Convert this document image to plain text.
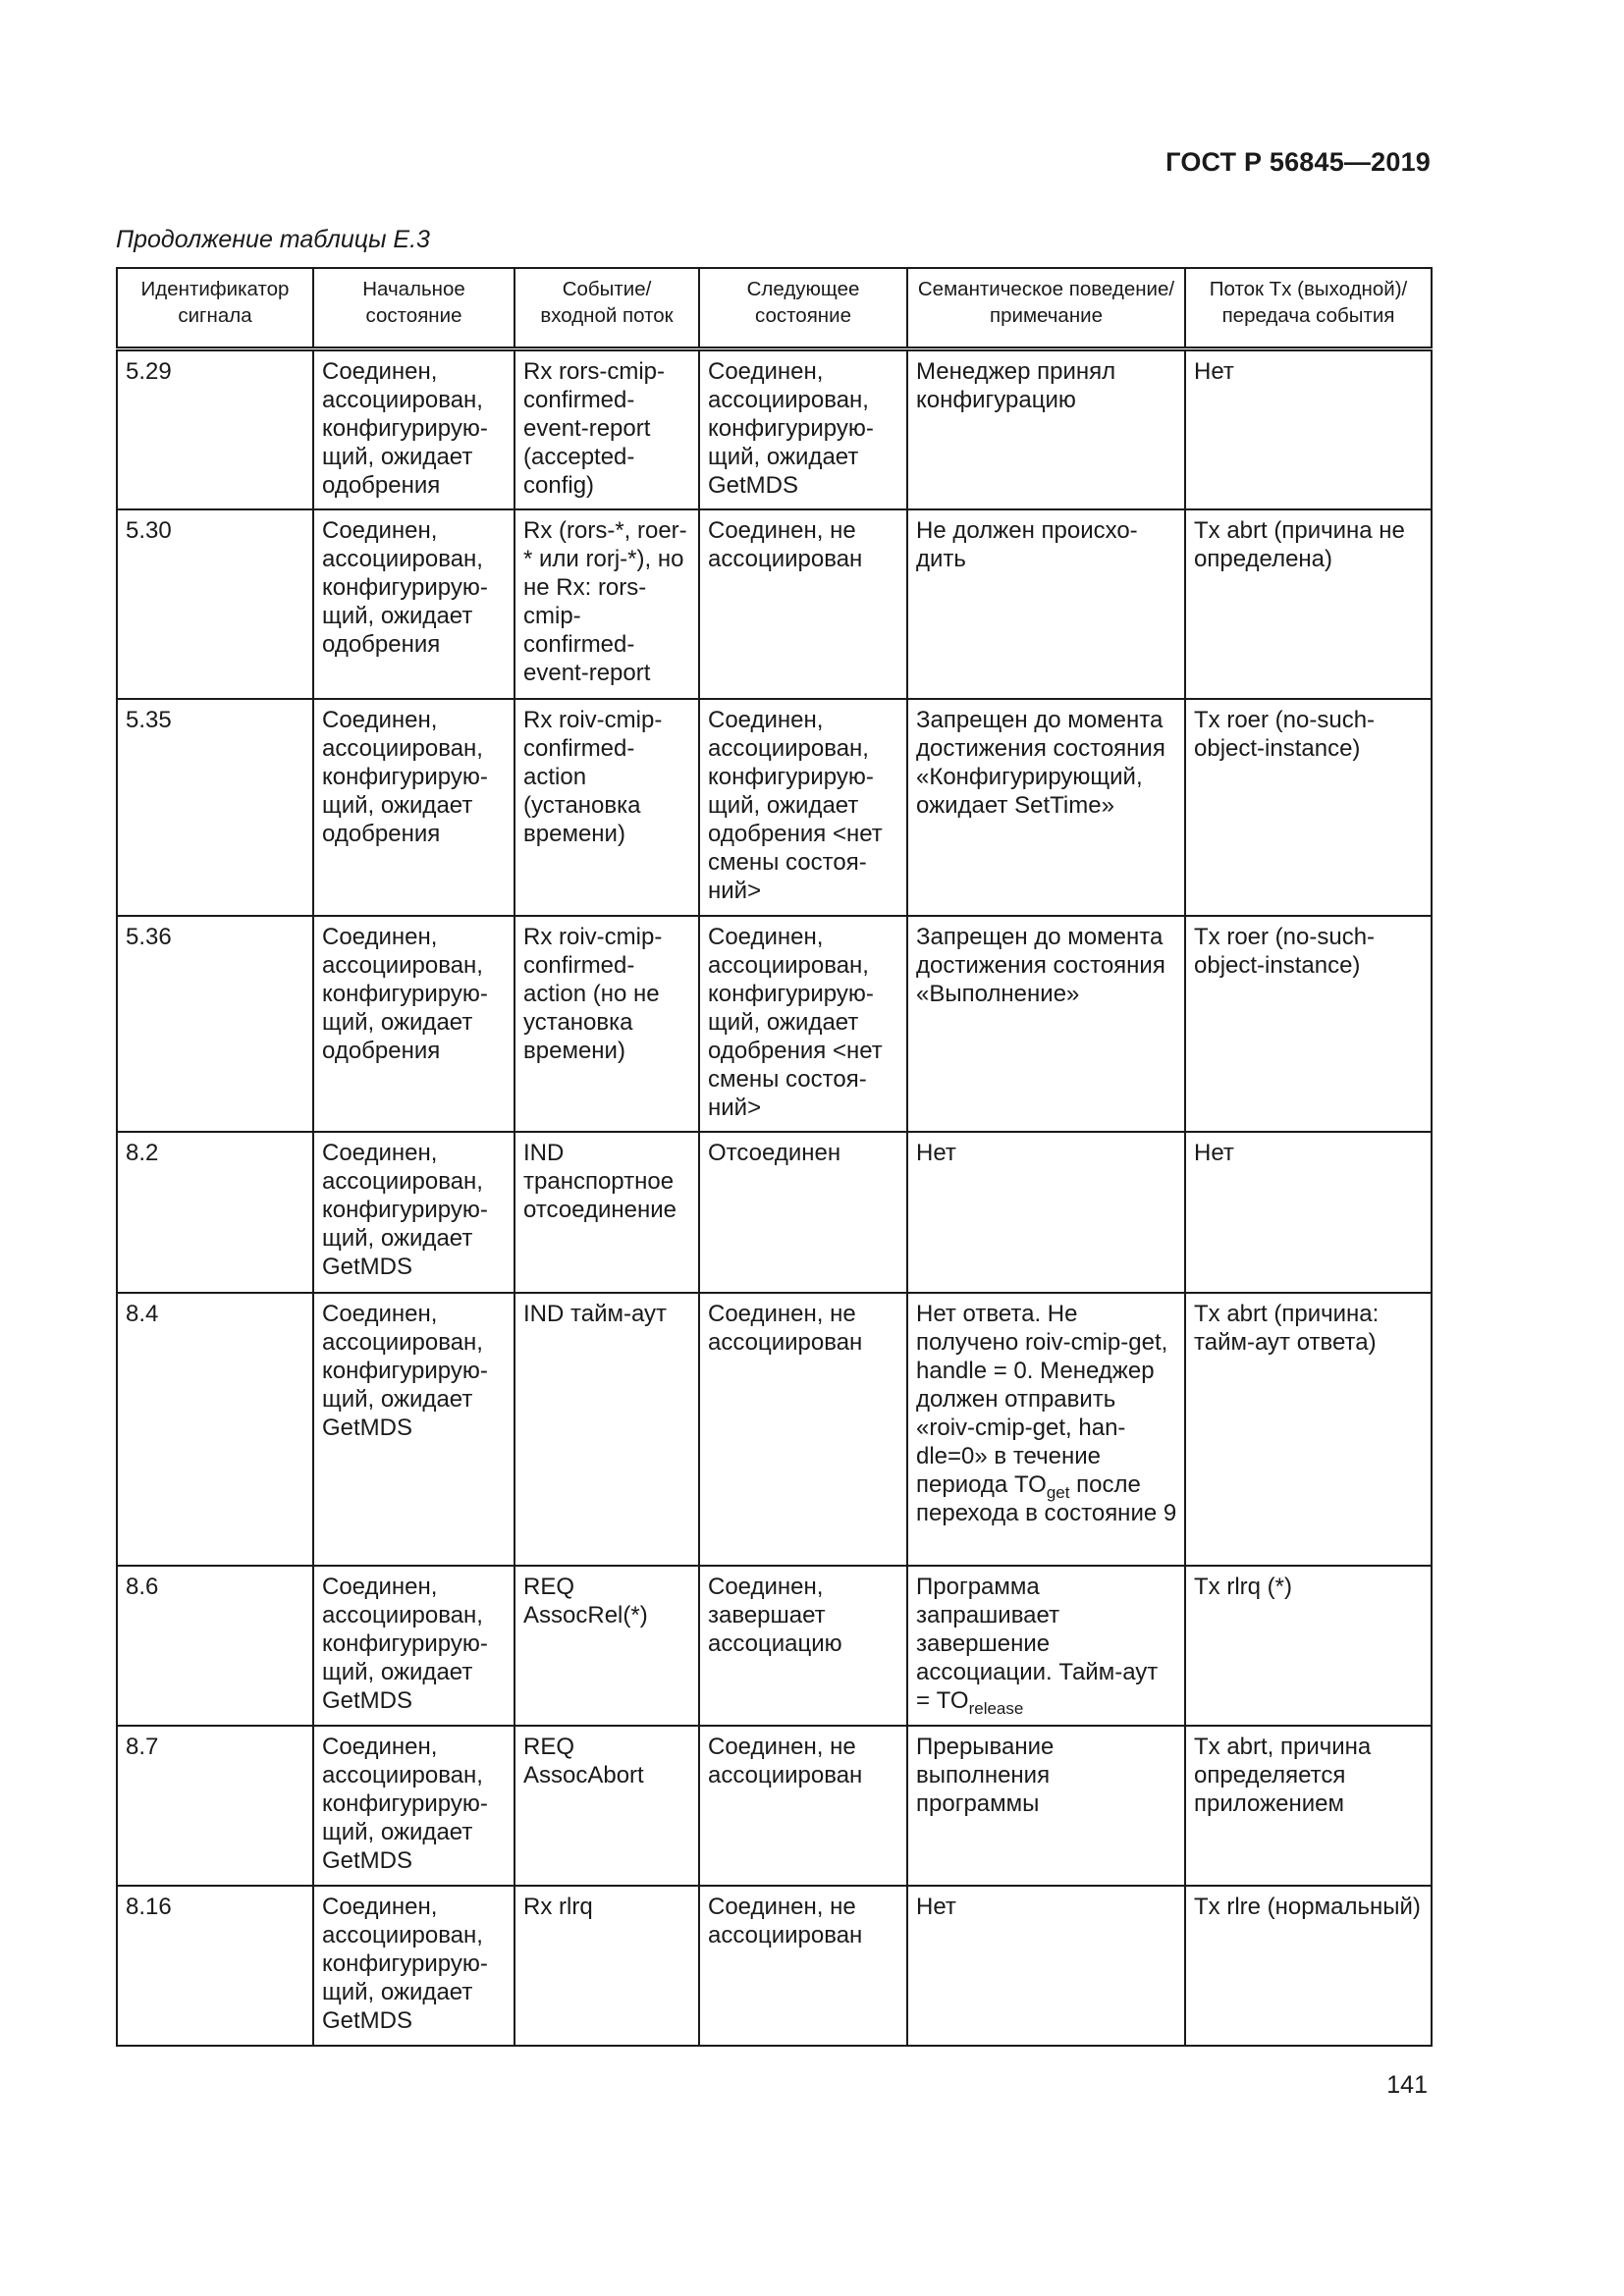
ГОСТ Р 56845—2019
Продолжение таблицы E.3
Идентификатор сигнала	Начальное состояние	Событие/ входной поток	Следующее состояние	Семантическое поведение/примечание	Поток Tx (выходной)/ передача события
5.29	Соединен, ассоциирован, конфигурирую-щий, ожидает одобрения	Rx rors-cmip-confirmed-event-report (accepted-config)	Соединен, ассоциирован, конфигурирую-щий, ожидает GetMDS	Менеджер принял конфигурацию	Нет
5.30	Соединен, ассоциирован, конфигурирую-щий, ожидает одобрения	Rx (rors-*, roer-* или rorj-*), но не Rx: rors-cmip-confirmed-event-report	Соединен, не ассоциирован	Не должен происхо-дить	Tx abrt (причина не определена)
5.35	Соединен, ассоциирован, конфигурирую-щий, ожидает одобрения	Rx roiv-cmip-confirmed-action (установка времени)	Соединен, ассоциирован, конфигурирую-щий, ожидает одобрения <нет смены состоя-ний>	Запрещен до момента достижения состояния «Конфигурирующий, ожидает SetTime»	Tx roer (no-such-object-instance)
5.36	Соединен, ассоциирован, конфигурирую-щий, ожидает одобрения	Rx roiv-cmip-confirmed-action (но не установка времени)	Соединен, ассоциирован, конфигурирую-щий, ожидает одобрения <нет смены состоя-ний>	Запрещен до момента достижения состояния «Выполнение»	Tx roer (no-such-object-instance)
8.2	Соединен, ассоциирован, конфигурирую-щий, ожидает GetMDS	IND транспортное отсоединение	Отсоединен	Нет	Нет
8.4	Соединен, ассоциирован, конфигурирую-щий, ожидает GetMDS	IND тайм-аут	Соединен, не ассоциирован	Нет ответа. Не получено roiv-cmip-get, handle = 0. Менеджер должен отправить «roiv-cmip-get, han-dle=0» в течение периода $TO_{get}$ после перехода в состояние 9	Tx abrt (причина: тайм-аут ответа)
8.6	Соединен, ассоциирован, конфигурирую-щий, ожидает GetMDS	REQ AssocRel(*)	Соединен, завершает ассоциацию	Программа запрашивает завершение ассоциации. Тайм-аут = $TO_{release}$	Tx rlrq (*)
8.7	Соединен, ассоциирован, конфигурирую-щий, ожидает GetMDS	REQ AssocAbort	Соединен, не ассоциирован	Прерывание выполнения программы	Tx abrt, причина определяется приложением
8.16	Соединен, ассоциирован, конфигурирую-щий, ожидает GetMDS	Rx rlrq	Соединен, не ассоциирован	Нет	Tx rlre (нормальный)
141
